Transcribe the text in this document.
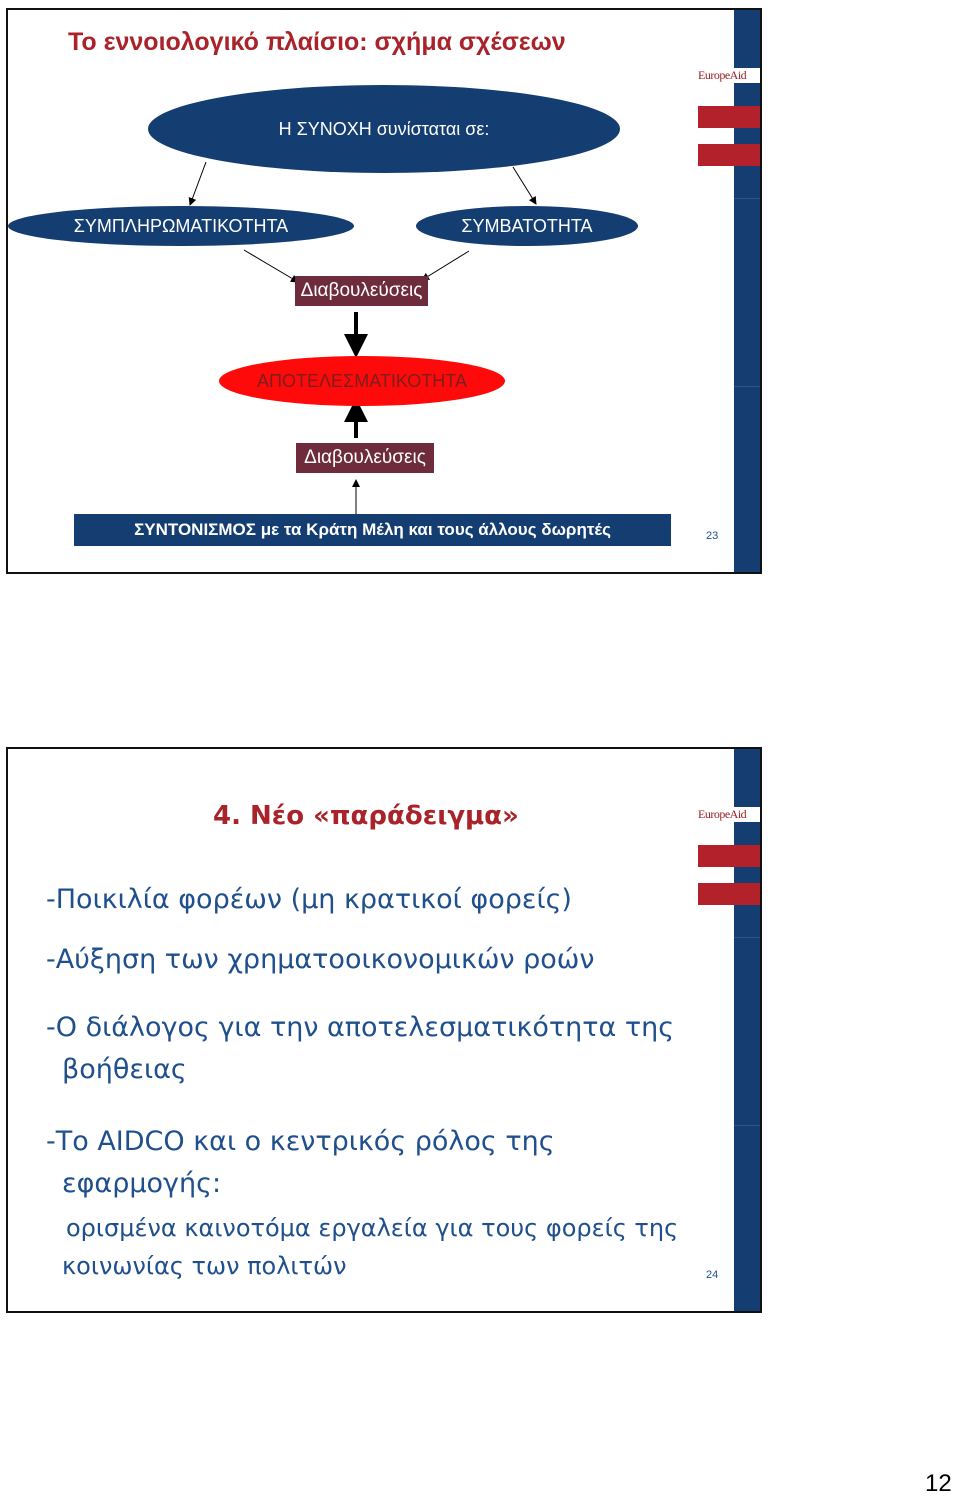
EuropeAid
Το εννοιολογικό πλαίσιο: σχήμα σχέσεων
Η ΣΥΝΟΧΗ συνίσταται σε:
ΣΥΜΠΛΗΡΩΜΑΤΙΚΟΤΗΤΑ	ΣΥΜΒΑΤΟΤΗΤΑ
Διαβουλεύσεις
ΑΠΟΤΕΛΕΣΜΑΤΙΚΟΤΗΤΑ
Διαβουλεύσεις
ΣΥΝΤΟΝΙΣΜΟΣ με τα Κράτη Μέλη και τους άλλους δωρητές	23
EuropeAid
4. Νέο «παράδειγμα»
-Ποικιλία φορέων (μη κρατικοί φορείς)
-Αύξηση των χρηματοοικονομικών ροών
-Ο διάλογος για την αποτελεσματικότητα της
βοήθειας
-Το AIDCO και ο κεντρικός ρόλος της
εφαρμογής:
ορισμένα καινοτόμα εργαλεία για τους φορείς της
κοινωνίας των πολιτών	24
12
